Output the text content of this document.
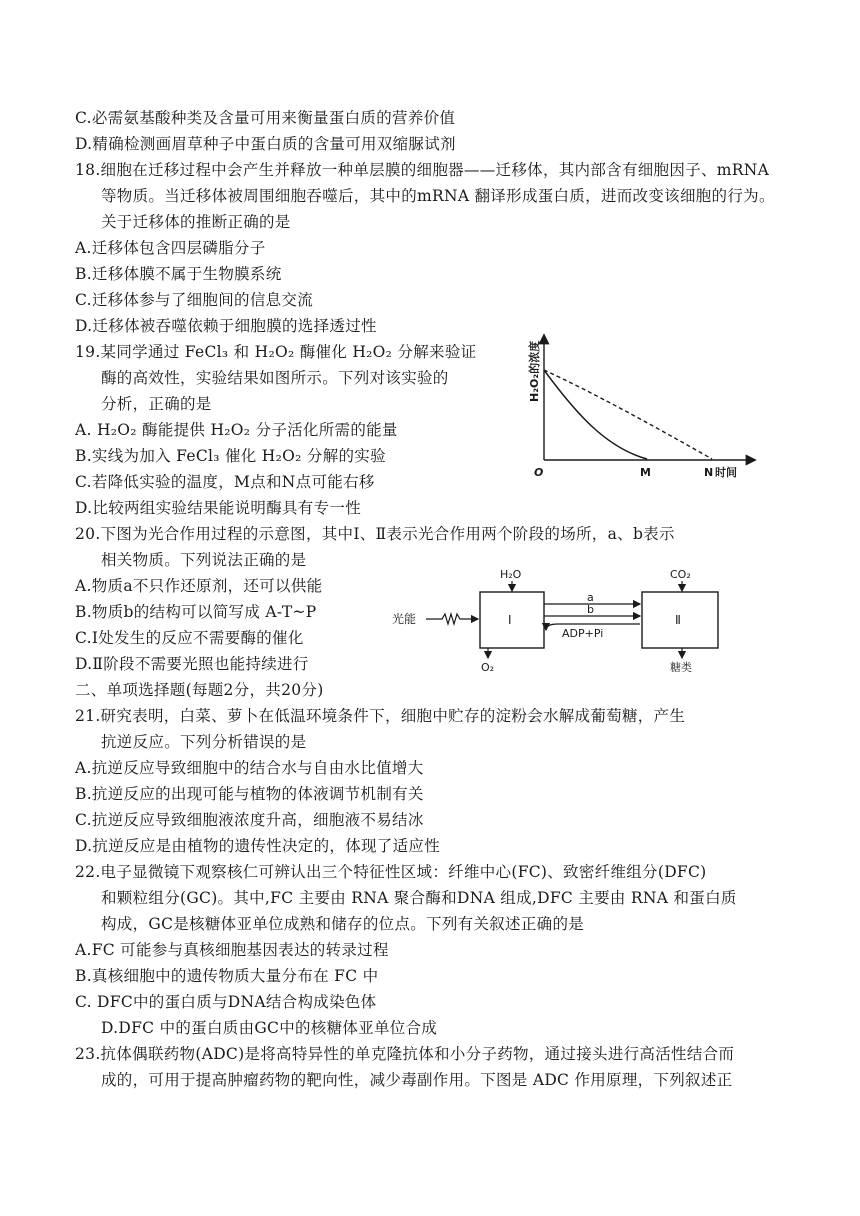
C.必需氨基酸种类及含量可用来衡量蛋白质的营养价值
D.精确检测画眉草种子中蛋白质的含量可用双缩脲试剂
18.细胞在迁移过程中会产生并释放一种单层膜的细胞器——迁移体，其内部含有细胞因子、mRNA
等物质。当迁移体被周围细胞吞噬后，其中的mRNA 翻译形成蛋白质，进而改变该细胞的行为。
关于迁移体的推断正确的是
A.迁移体包含四层磷脂分子
B.迁移体膜不属于生物膜系统
C.迁移体参与了细胞间的信息交流
D.迁移体被吞噬依赖于细胞膜的选择透过性
19.某同学通过 FeCl₃ 和 H₂O₂ 酶催化 H₂O₂ 分解来验证
酶的高效性，实验结果如图所示。下列对该实验的
分析，正确的是
A. H₂O₂ 酶能提供 H₂O₂ 分子活化所需的能量
B.实线为加入 FeCl₃ 催化 H₂O₂ 分解的实验
C.若降低实验的温度，M点和N点可能右移
D.比较两组实验结果能说明酶具有专一性
20.下图为光合作用过程的示意图，其中Ⅰ、Ⅱ表示光合作用两个阶段的场所，a、b表示
相关物质。下列说法正确的是
A.物质a不只作还原剂，还可以供能
B.物质b的结构可以简写成 A-T~P
C.Ⅰ处发生的反应不需要酶的催化
D.Ⅱ阶段不需要光照也能持续进行
二、单项选择题(每题2分，共20分)
21.研究表明，白菜、萝卜在低温环境条件下，细胞中贮存的淀粉会水解成葡萄糖，产生
抗逆反应。下列分析错误的是
A.抗逆反应导致细胞中的结合水与自由水比值增大
B.抗逆反应的出现可能与植物的体液调节机制有关
C.抗逆反应导致细胞液浓度升高，细胞液不易结冰
D.抗逆反应是由植物的遗传性决定的，体现了适应性
22.电子显微镜下观察核仁可辨认出三个特征性区域：纤维中心(FC)、致密纤维组分(DFC)
和颗粒组分(GC)。其中,FC 主要由 RNA 聚合酶和DNA 组成,DFC 主要由 RNA 和蛋白质
构成，GC是核糖体亚单位成熟和储存的位点。下列有关叙述正确的是
A.FC 可能参与真核细胞基因表达的转录过程
B.真核细胞中的遗传物质大量分布在 FC 中
C. DFC中的蛋白质与DNA结合构成染色体
D.DFC 中的蛋白质由GC中的核糖体亚单位合成
23.抗体偶联药物(ADC)是将高特异性的单克隆抗体和小分子药物，通过接头进行高活性结合而
成的，可用于提高肿瘤药物的靶向性，减少毒副作用。下图是 ADC 作用原理，下列叙述正
H₂O₂的浓度
O	M	N 时间
光能	Ⅰ
H₂O
O₂
a
b
ADP+Pi
Ⅱ
CO₂
糖类
